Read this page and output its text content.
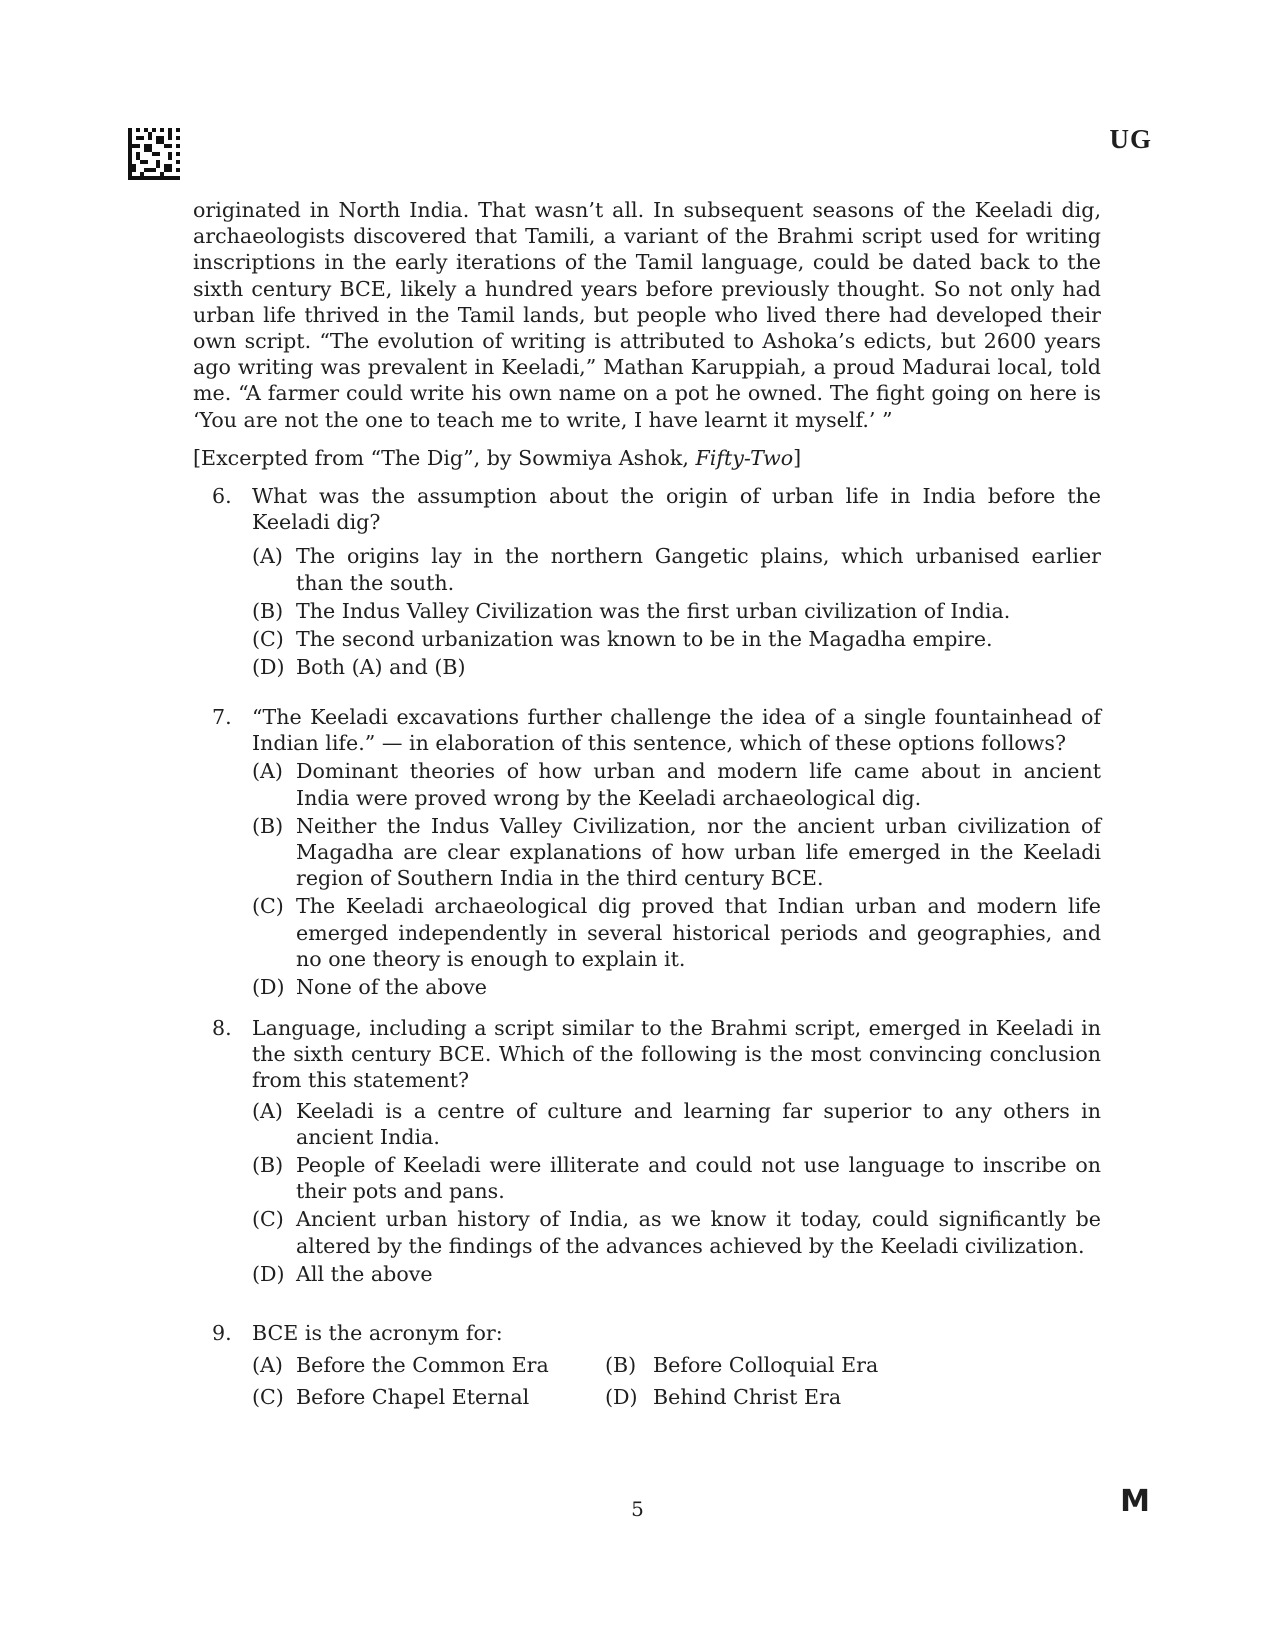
UG

originated in North India. That wasn’t all. In subsequent seasons of the Keeladi dig, archaeologists discovered that Tamili, a variant of the Brahmi script used for writing inscriptions in the early iterations of the Tamil language, could be dated back to the sixth century BCE, likely a hundred years before previously thought. So not only had urban life thrived in the Tamil lands, but people who lived there had developed their own script. “The evolution of writing is attributed to Ashoka’s edicts, but 2600 years ago writing was prevalent in Keeladi,” Mathan Karuppiah, a proud Madurai local, told me. “A farmer could write his own name on a pot he owned. The fight going on here is ‘You are not the one to teach me to write, I have learnt it myself.’ ”

[Excerpted from “The Dig”, by Sowmiya Ashok, Fifty-Two]

6. What was the assumption about the origin of urban life in India before the Keeladi dig?
(A) The origins lay in the northern Gangetic plains, which urbanised earlier than the south.
(B) The Indus Valley Civilization was the first urban civilization of India.
(C) The second urbanization was known to be in the Magadha empire.
(D) Both (A) and (B)
7. “The Keeladi excavations further challenge the idea of a single fountainhead of Indian life.” — in elaboration of this sentence, which of these options follows?
(A) Dominant theories of how urban and modern life came about in ancient India were proved wrong by the Keeladi archaeological dig.
(B) Neither the Indus Valley Civilization, nor the ancient urban civilization of Magadha are clear explanations of how urban life emerged in the Keeladi region of Southern India in the third century BCE.
(C) The Keeladi archaeological dig proved that Indian urban and modern life emerged independently in several historical periods and geographies, and no one theory is enough to explain it.
(D) None of the above
8. Language, including a script similar to the Brahmi script, emerged in Keeladi in the sixth century BCE. Which of the following is the most convincing conclusion from this statement?
(A) Keeladi is a centre of culture and learning far superior to any others in ancient India.
(B) People of Keeladi were illiterate and could not use language to inscribe on their pots and pans.
(C) Ancient urban history of India, as we know it today, could significantly be altered by the findings of the advances achieved by the Keeladi civilization.
(D) All the above
9. BCE is the acronym for:
(A) Before the Common Era	(B) Before Colloquial Era
(C) Before Chapel Eternal	(D) Behind Christ Era
5	M
